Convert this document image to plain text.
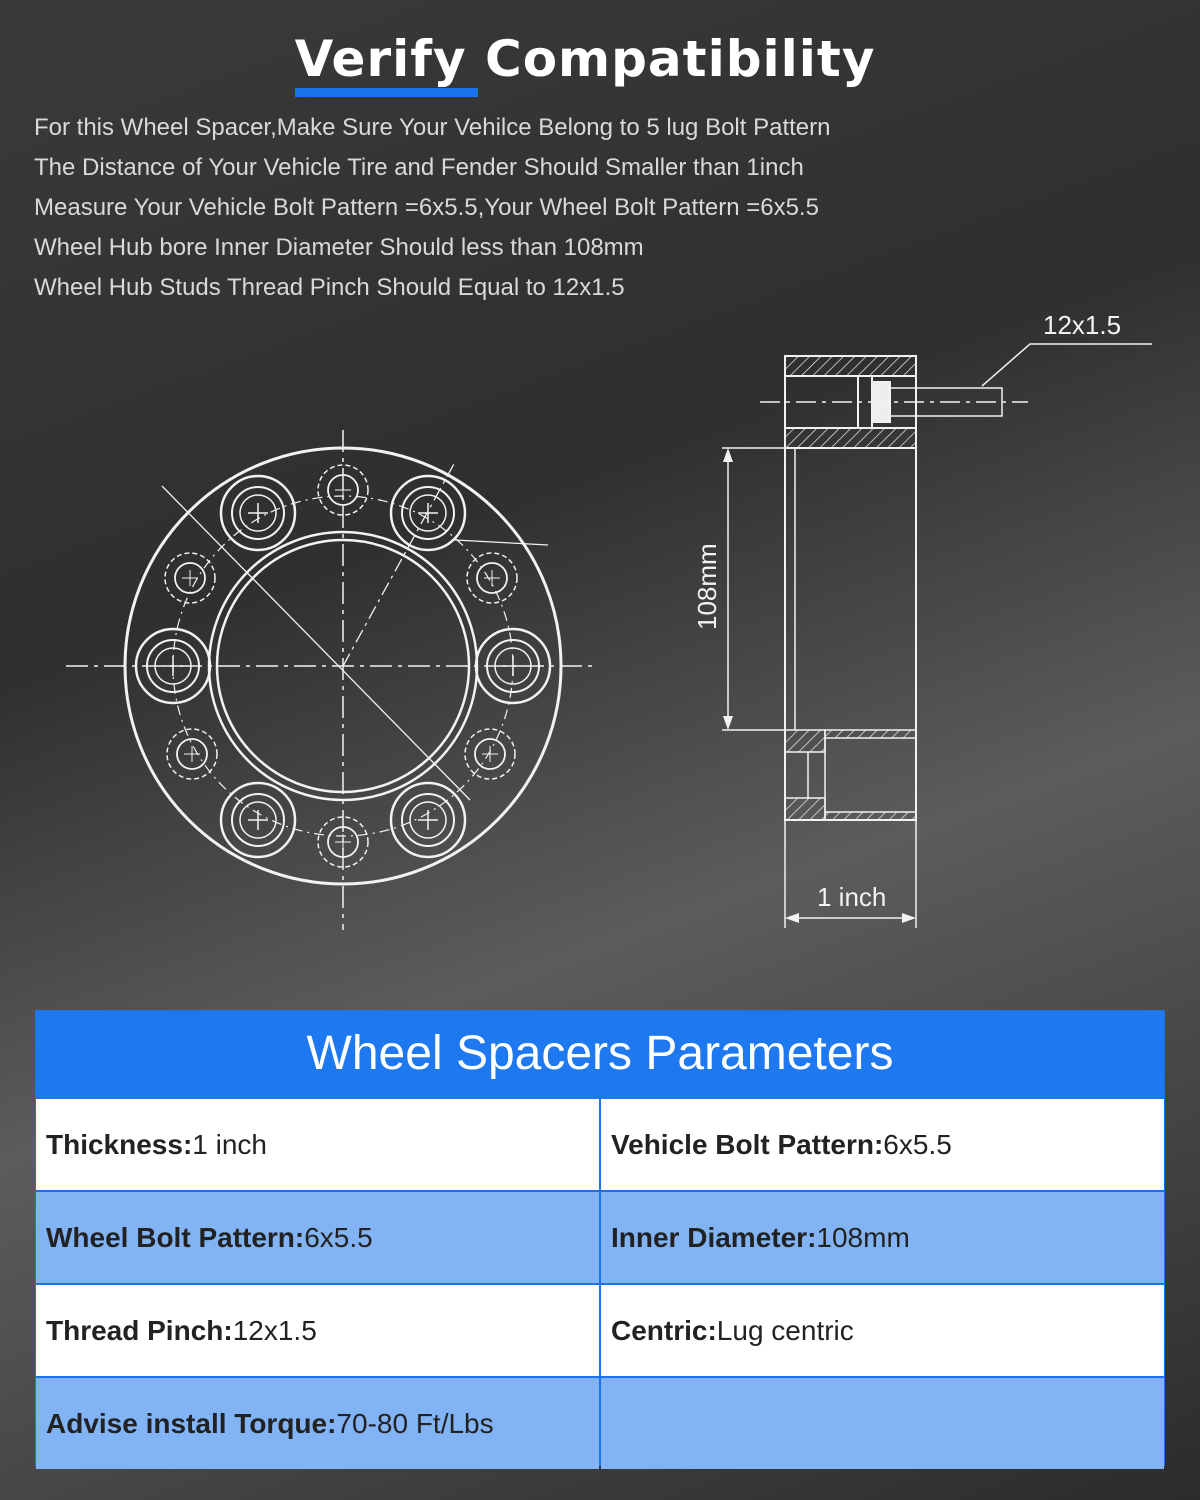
Verify Compatibility
For this Wheel Spacer,Make Sure Your Vehilce Belong to 5 lug Bolt Pattern
The Distance of Your Vehicle Tire and Fender Should Smaller than 1inch
Measure Your Vehicle Bolt Pattern =6x5.5,Your Wheel Bolt Pattern =6x5.5
Wheel Hub bore Inner Diameter Should less than 108mm
Wheel Hub Studs Thread Pinch Should Equal to 12x1.5
12x1.5
108mm
1 inch
Wheel Spacers Parameters
Thickness: 1 inch	Vehicle Bolt Pattern: 6x5.5
Wheel Bolt Pattern: 6x5.5	Inner Diameter: 108mm
Thread Pinch: 12x1.5	Centric: Lug centric
Advise install Torque: 70-80 Ft/Lbs
